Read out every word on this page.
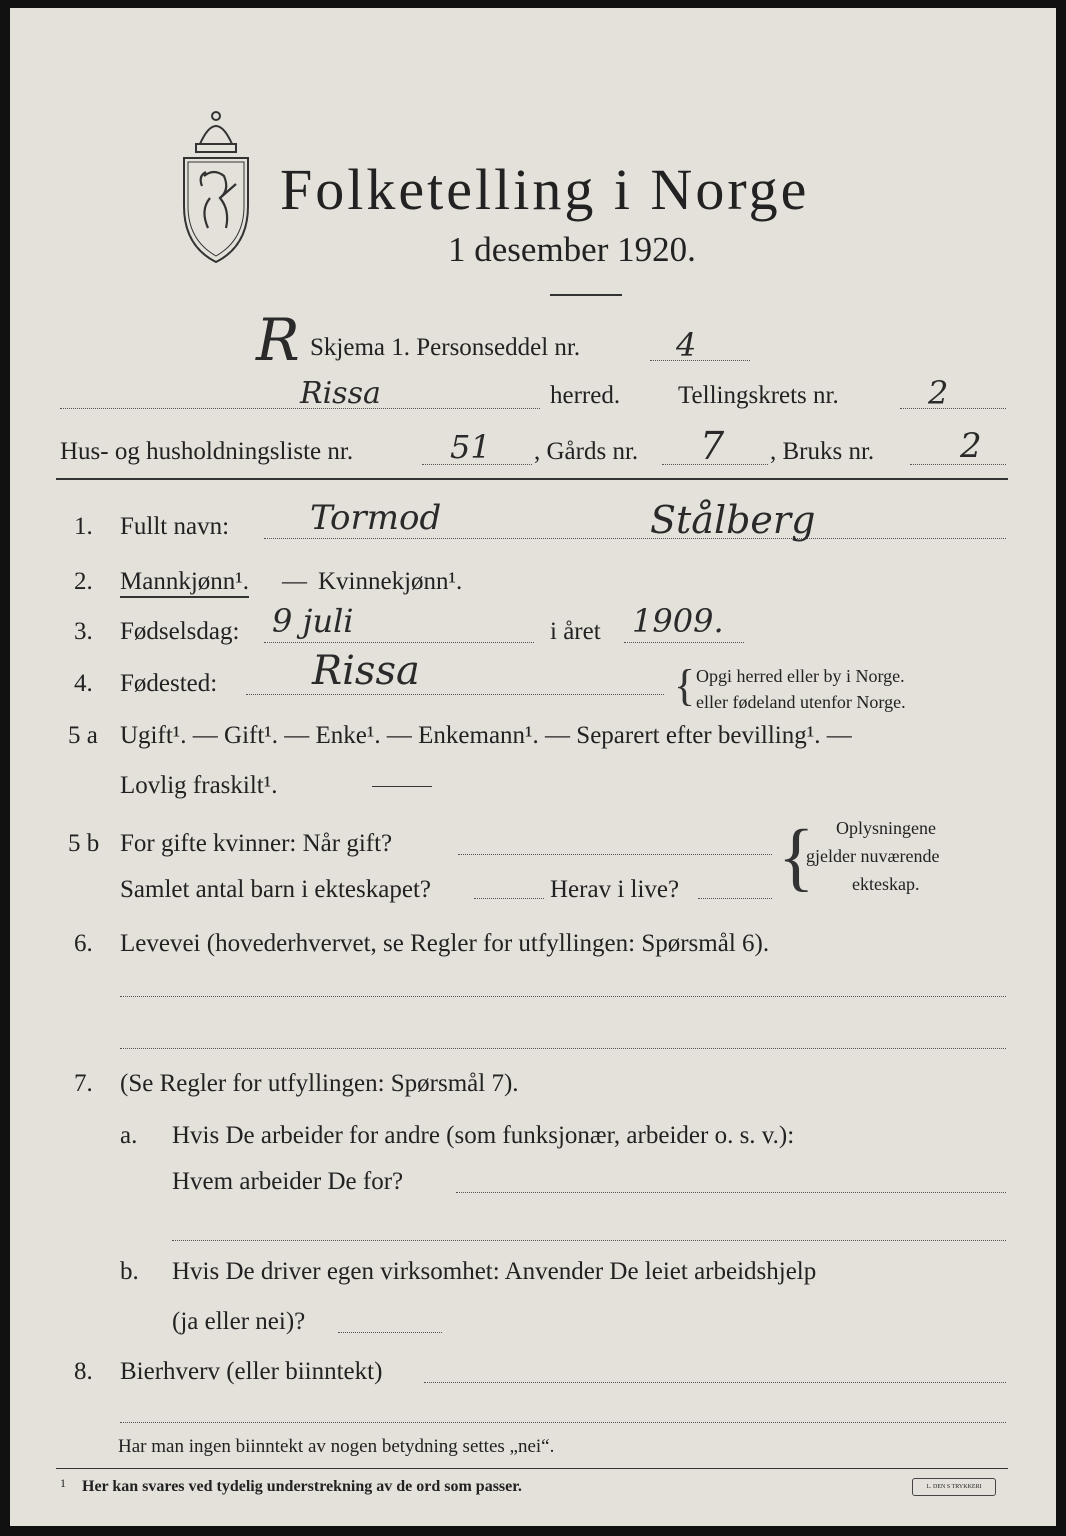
Folketelling i Norge
1 desember 1920.
R Skjema 1. Personseddel nr.	4
Rissa	herred. Tellingskrets nr.	2
Hus- og husholdningsliste nr.	51 , Gårds nr. 7 , Bruks nr.	2
1. Fullt navn: Tormod	Stålberg
2. Mannkjønn¹. — Kvinnekjønn¹.
3. Fødselsdag: 9 juli	i året 1909.
4. Fødested: Rissa	{ Opgi herred eller by i Norge.
eller fødeland utenfor Norge.
5 a Ugift¹. — Gift¹. — Enke¹. — Enkemann¹. — Separert efter bevilling¹. —
Lovlig fraskilt¹.
5 b For gifte kvinner: Når gift?
Samlet antal barn i ekteskapet?	Herav i live? { Oplysningene
gjelder nuværende
ekteskap.
6. Levevei (hovederhvervet, se Regler for utfyllingen: Spørsmål 6).
7. (Se Regler for utfyllingen: Spørsmål 7).
a. Hvis De arbeider for andre (som funksjonær, arbeider o. s. v.):
Hvem arbeider De for?
b. Hvis De driver egen virksomhet: Anvender De leiet arbeidshjelp
(ja eller nei)?
8. Bierhverv (eller biinntekt)
Har man ingen biinntekt av nogen betydning settes „nei“.
1 Her kan svares ved tydelig understrekning av de ord som passer.	L. DEN S TRYKKERI
